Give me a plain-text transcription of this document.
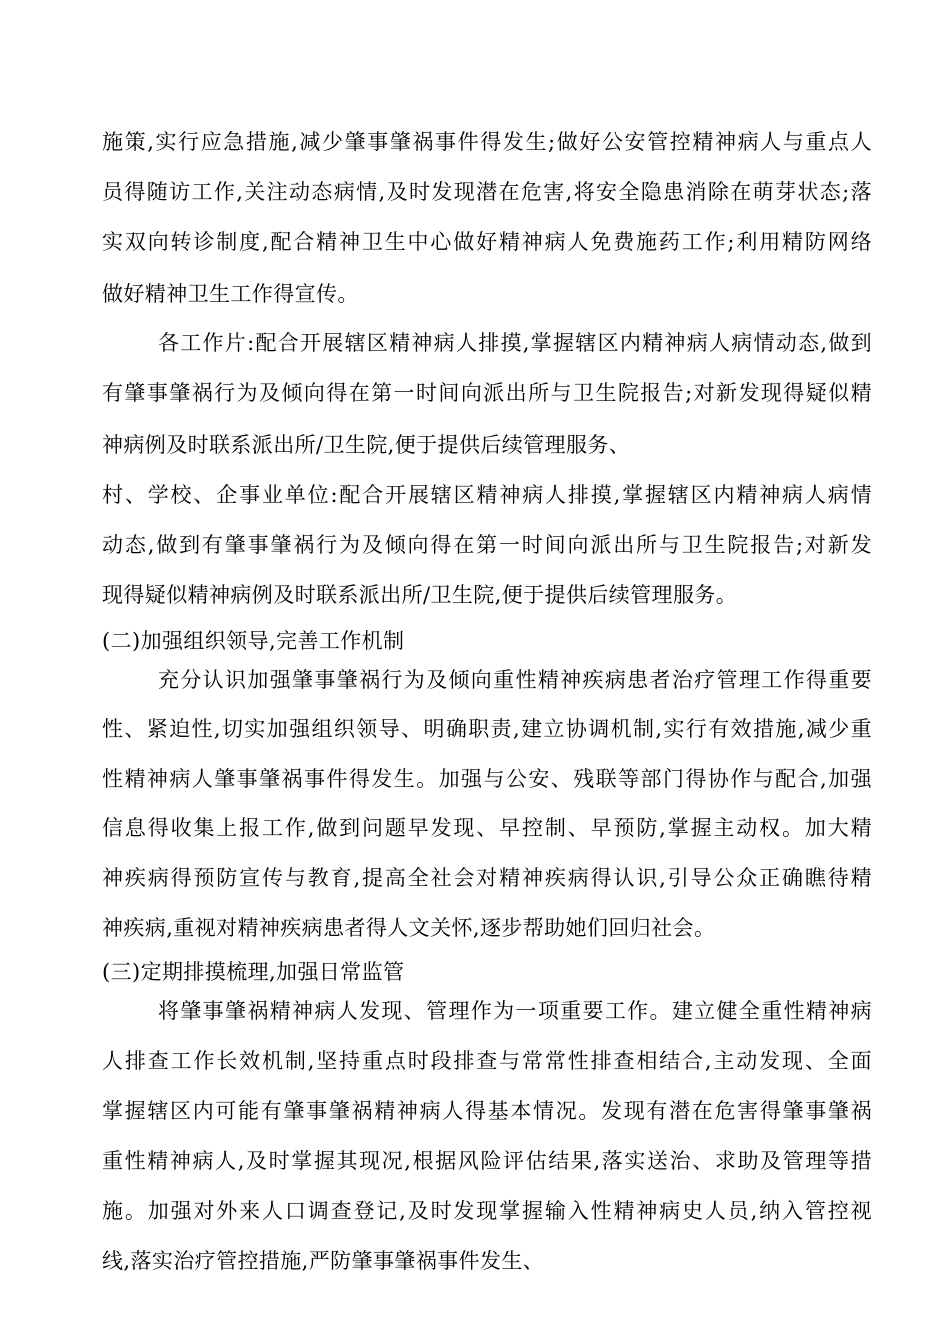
施策,实行应急措施,减少肇事肇祸事件得发生;做好公安管控精神病人与重点人
员得随访工作,关注动态病情,及时发现潜在危害,将安全隐患消除在萌芽状态;落
实双向转诊制度,配合精神卫生中心做好精神病人免费施药工作;利用精防网络
做好精神卫生工作得宣传。
各工作片:配合开展辖区精神病人排摸,掌握辖区内精神病人病情动态,做到
有肇事肇祸行为及倾向得在第一时间向派出所与卫生院报告;对新发现得疑似精
神病例及时联系派出所/卫生院,便于提供后续管理服务、
村、学校、企事业单位:配合开展辖区精神病人排摸,掌握辖区内精神病人病情
动态,做到有肇事肇祸行为及倾向得在第一时间向派出所与卫生院报告;对新发
现得疑似精神病例及时联系派出所/卫生院,便于提供后续管理服务。
(二)加强组织领导,完善工作机制
充分认识加强肇事肇祸行为及倾向重性精神疾病患者治疗管理工作得重要
性、紧迫性,切实加强组织领导、明确职责,建立协调机制,实行有效措施,减少重
性精神病人肇事肇祸事件得发生。加强与公安、残联等部门得协作与配合,加强
信息得收集上报工作,做到问题早发现、早控制、早预防,掌握主动权。加大精
神疾病得预防宣传与教育,提高全社会对精神疾病得认识,引导公众正确瞧待精
神疾病,重视对精神疾病患者得人文关怀,逐步帮助她们回归社会。
(三)定期排摸梳理,加强日常监管
将肇事肇祸精神病人发现、管理作为一项重要工作。建立健全重性精神病
人排查工作长效机制,坚持重点时段排查与常常性排查相结合,主动发现、全面
掌握辖区内可能有肇事肇祸精神病人得基本情况。发现有潜在危害得肇事肇祸
重性精神病人,及时掌握其现况,根据风险评估结果,落实送治、求助及管理等措
施。加强对外来人口调查登记,及时发现掌握输入性精神病史人员,纳入管控视
线,落实治疗管控措施,严防肇事肇祸事件发生、
